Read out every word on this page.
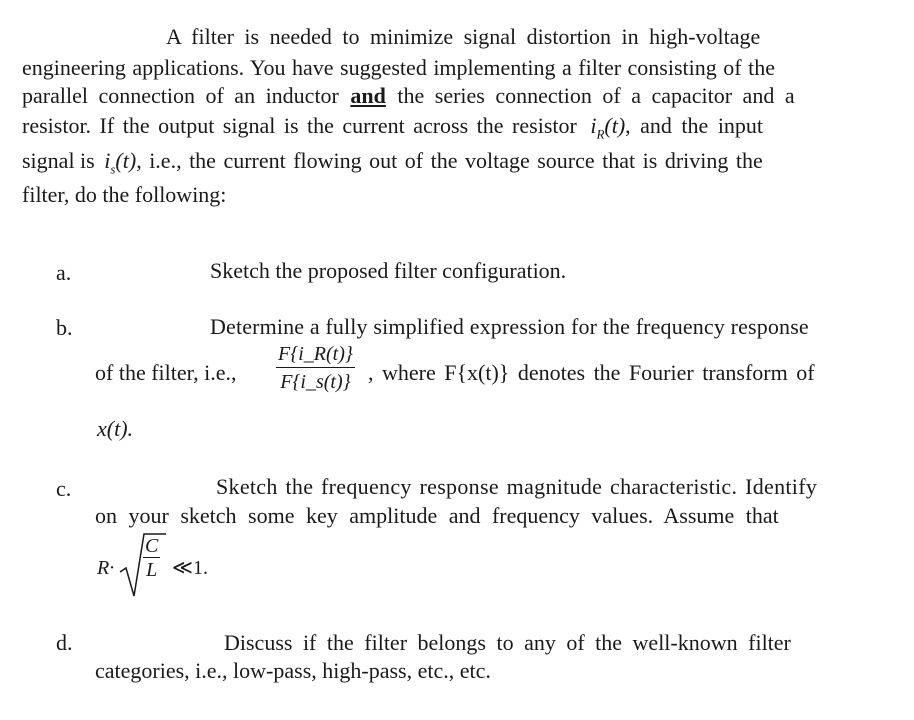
A filter is needed to minimize signal distortion in high-voltage
engineering applications. You have suggested implementing a filter consisting of the
parallel connection of an inductor and the series connection of a capacitor and a
resistor. If the output signal is the current across the resistor $i_R(t)$, and the input
signal is $i_s(t)$, i.e., the current flowing out of the voltage source that is driving the
filter, do the following:
a.	Sketch the proposed filter configuration.
b.	Determine a fully simplified expression for the frequency response
of the filter, i.e.,
F{i_R(t)}
F{i_s(t)} , where F{x(t)} denotes the Fourier transform of
x(t).
c.	Sketch the frequency response magnitude characteristic. Identify
on your sketch some key amplitude and frequency values. Assume that
R·
C
L ≪1.
d.	Discuss if the filter belongs to any of the well-known filter
categories, i.e., low-pass, high-pass, etc., etc.
